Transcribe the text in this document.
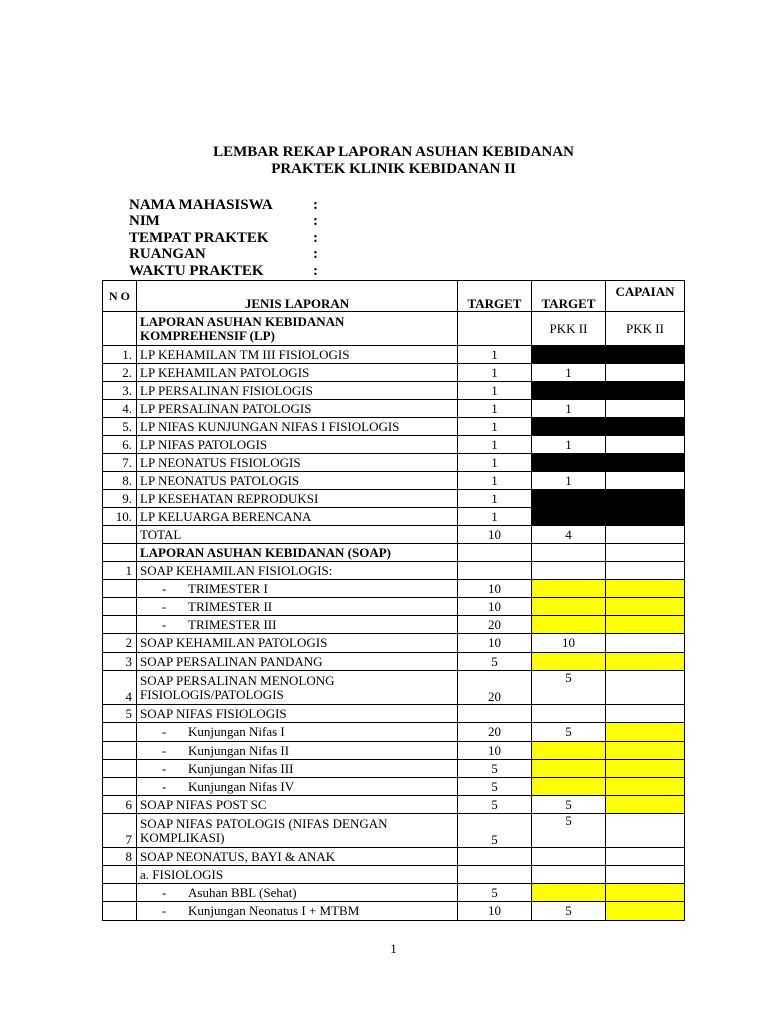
LEMBAR REKAP LAPORAN ASUHAN KEBIDANAN
PRAKTEK KLINIK KEBIDANAN II
NAMA MAHASISWA	:
NIM	:
TEMPAT PRAKTEK	:
RUANGAN	:
WAKTU PRAKTEK	:
N O	JENIS LAPORAN	TARGET	TARGET	CAPAIAN
	LAPORAN ASUHAN KEBIDANAN KOMPREHENSIF (LP)		PKK II	PKK II
1.	LP KEHAMILAN TM III FISIOLOGIS	1		
2.	LP KEHAMILAN PATOLOGIS	1	1	
3.	LP PERSALINAN FISIOLOGIS	1		
4.	LP PERSALINAN PATOLOGIS	1	1	
5.	LP NIFAS KUNJUNGAN NIFAS I FISIOLOGIS	1		
6.	LP NIFAS PATOLOGIS	1	1	
7.	LP NEONATUS FISIOLOGIS	1		
8.	LP NEONATUS PATOLOGIS	1	1	
9.	LP KESEHATAN REPRODUKSI	1		
10.	LP KELUARGA BERENCANA	1		
	TOTAL	10	4	
	LAPORAN ASUHAN KEBIDANAN (SOAP)			
1	SOAP KEHAMILAN FISIOLOGIS:			
	- TRIMESTER I	10		
	- TRIMESTER II	10		
	- TRIMESTER III	20		
2	SOAP KEHAMILAN PATOLOGIS	10	10	
3	SOAP PERSALINAN PANDANG	5		
4	SOAP PERSALINAN MENOLONG
FISIOLOGIS/PATOLOGIS	20	5	
5	SOAP NIFAS FISIOLOGIS			
	- Kunjungan Nifas I	20	5	
	- Kunjungan Nifas II	10		
	- Kunjungan Nifas III	5		
	- Kunjungan Nifas IV	5		
6	SOAP NIFAS POST SC	5	5	
7	SOAP NIFAS PATOLOGIS (NIFAS DENGAN
KOMPLIKASI)	5	5	
8	SOAP NEONATUS, BAYI & ANAK			
	a. FISIOLOGIS			
	- Asuhan BBL (Sehat)	5		
	- Kunjungan Neonatus I + MTBM	10	5	
1
